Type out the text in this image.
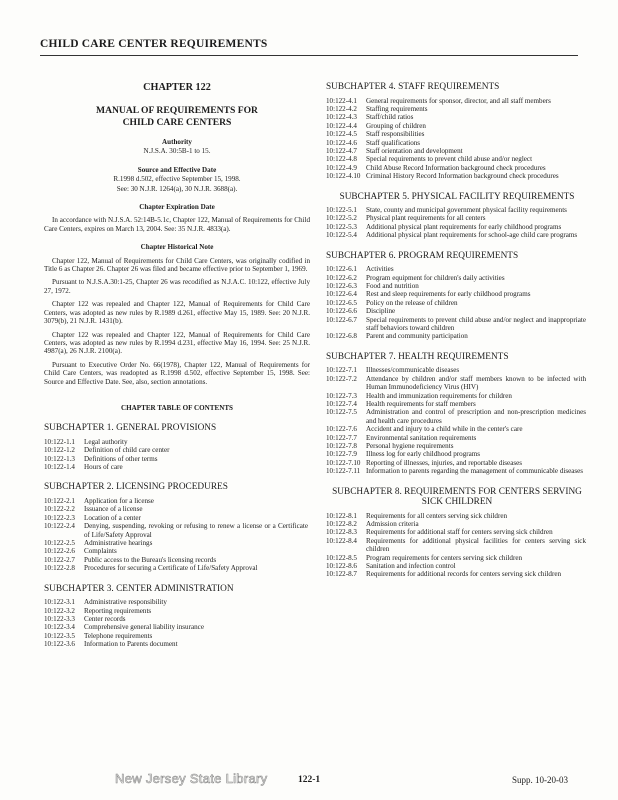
CHILD CARE CENTER REQUIREMENTS
CHAPTER 122
MANUAL OF REQUIREMENTS FOR
CHILD CARE CENTERS
Authority
N.J.S.A. 30:5B-1 to 15.
Source and Effective Date

R.1998 d.502, effective September 15, 1998.

See: 30 N.J.R. 1264(a), 30 N.J.R. 3688(a).

Chapter Expiration Date

In accordance with N.J.S.A. 52:14B-5.1c, Chapter 122, Manual of Requirements for Child Care Centers, expires on March 13, 2004. See: 35 N.J.R. 4833(a).

Chapter Historical Note

Chapter 122, Manual of Requirements for Child Care Centers, was originally codified in Title 6 as Chapter 26. Chapter 26 was filed and became effective prior to September 1, 1969.

Pursuant to N.J.S.A.30:1-25, Chapter 26 was recodified as N.J.A.C. 10:122, effective July 27, 1972.

Chapter 122 was repealed and Chapter 122, Manual of Requirements for Child Care Centers, was adopted as new rules by R.1989 d.261, effective May 15, 1989. See: 20 N.J.R. 3079(b), 21 N.J.R. 1431(b).

Chapter 122 was repealed and Chapter 122, Manual of Requirements for Child Care Centers, was adopted as new rules by R.1994 d.231, effective May 16, 1994. See: 25 N.J.R. 4987(a), 26 N.J.R. 2100(a).

Pursuant to Executive Order No. 66(1978), Chapter 122, Manual of Requirements for Child Care Centers, was readopted as R.1998 d.502, effective September 15, 1998. See: Source and Effective Date. See, also, section annotations.

CHAPTER TABLE OF CONTENTS
SUBCHAPTER 1. GENERAL PROVISIONS
10:122-1.1	Legal authority
10:122-1.2	Definition of child care center
10:122-1.3	Definitions of other terms
10:122-1.4	Hours of care
SUBCHAPTER 2. LICENSING PROCEDURES
10:122-2.1	Application for a license
10:122-2.2	Issuance of a license
10:122-2.3	Location of a center
10:122-2.4	Denying, suspending, revoking or refusing to renew a license or a Certificate of Life/Safety Approval
10:122-2.5	Administrative hearings
10:122-2.6	Complaints
10:122-2.7	Public access to the Bureau's licensing records
10:122-2.8	Procedures for securing a Certificate of Life/Safety Approval
SUBCHAPTER 3. CENTER ADMINISTRATION
10:122-3.1	Administrative responsibility
10:122-3.2	Reporting requirements
10:122-3.3	Center records
10:122-3.4	Comprehensive general liability insurance
10:122-3.5	Telephone requirements
10:122-3.6	Information to Parents document
SUBCHAPTER 4. STAFF REQUIREMENTS
10:122-4.1	General requirements for sponsor, director, and all staff members
10:122-4.2	Staffing requirements
10:122-4.3	Staff/child ratios
10:122-4.4	Grouping of children
10:122-4.5	Staff responsibilities
10:122-4.6	Staff qualifications
10:122-4.7	Staff orientation and development
10:122-4.8	Special requirements to prevent child abuse and/or neglect
10:122-4.9	Child Abuse Record Information background check procedures
10:122-4.10 Criminal History Record Information background check procedures
SUBCHAPTER 5. PHYSICAL FACILITY REQUIREMENTS
10:122-5.1	State, county and municipal government physical facility requirements
10:122-5.2	Physical plant requirements for all centers
10:122-5.3	Additional physical plant requirements for early childhood programs
10:122-5.4	Additional physical plant requirements for school-age child care programs
SUBCHAPTER 6. PROGRAM REQUIREMENTS
10:122-6.1	Activities
10:122-6.2	Program equipment for children's daily activities
10:122-6.3	Food and nutrition
10:122-6.4	Rest and sleep requirements for early childhood programs
10:122-6.5	Policy on the release of children
10:122-6.6	Discipline
10:122-6.7	Special requirements to prevent child abuse and/or neglect and inappropriate staff behaviors toward children
10:122-6.8	Parent and community participation
SUBCHAPTER 7. HEALTH REQUIREMENTS
10:122-7.1	Illnesses/communicable diseases
10:122-7.2	Attendance by children and/or staff members known to be infected with Human Immunodeficiency Virus (HIV)
10:122-7.3	Health and immunization requirements for children
10:122-7.4	Health requirements for staff members
10:122-7.5	Administration and control of prescription and non-prescription medicines and health care procedures
10:122-7.6	Accident and injury to a child while in the center's care
10:122-7.7	Environmental sanitation requirements
10:122-7.8	Personal hygiene requirements
10:122-7.9	Illness log for early childhood programs
10:122-7.10 Reporting of illnesses, injuries, and reportable diseases
10:122-7.11 Information to parents regarding the management of communicable diseases
SUBCHAPTER 8. REQUIREMENTS FOR CENTERS SERVING SICK CHILDREN
10:122-8.1	Requirements for all centers serving sick children
10:122-8.2	Admission criteria
10:122-8.3	Requirements for additional staff for centers serving sick children
10:122-8.4	Requirements for additional physical facilities for centers serving sick children
10:122-8.5	Program requirements for centers serving sick children
10:122-8.6	Sanitation and infection control
10:122-8.7	Requirements for additional records for centers serving sick children
New Jersey State Library	122-1	Supp. 10-20-03
